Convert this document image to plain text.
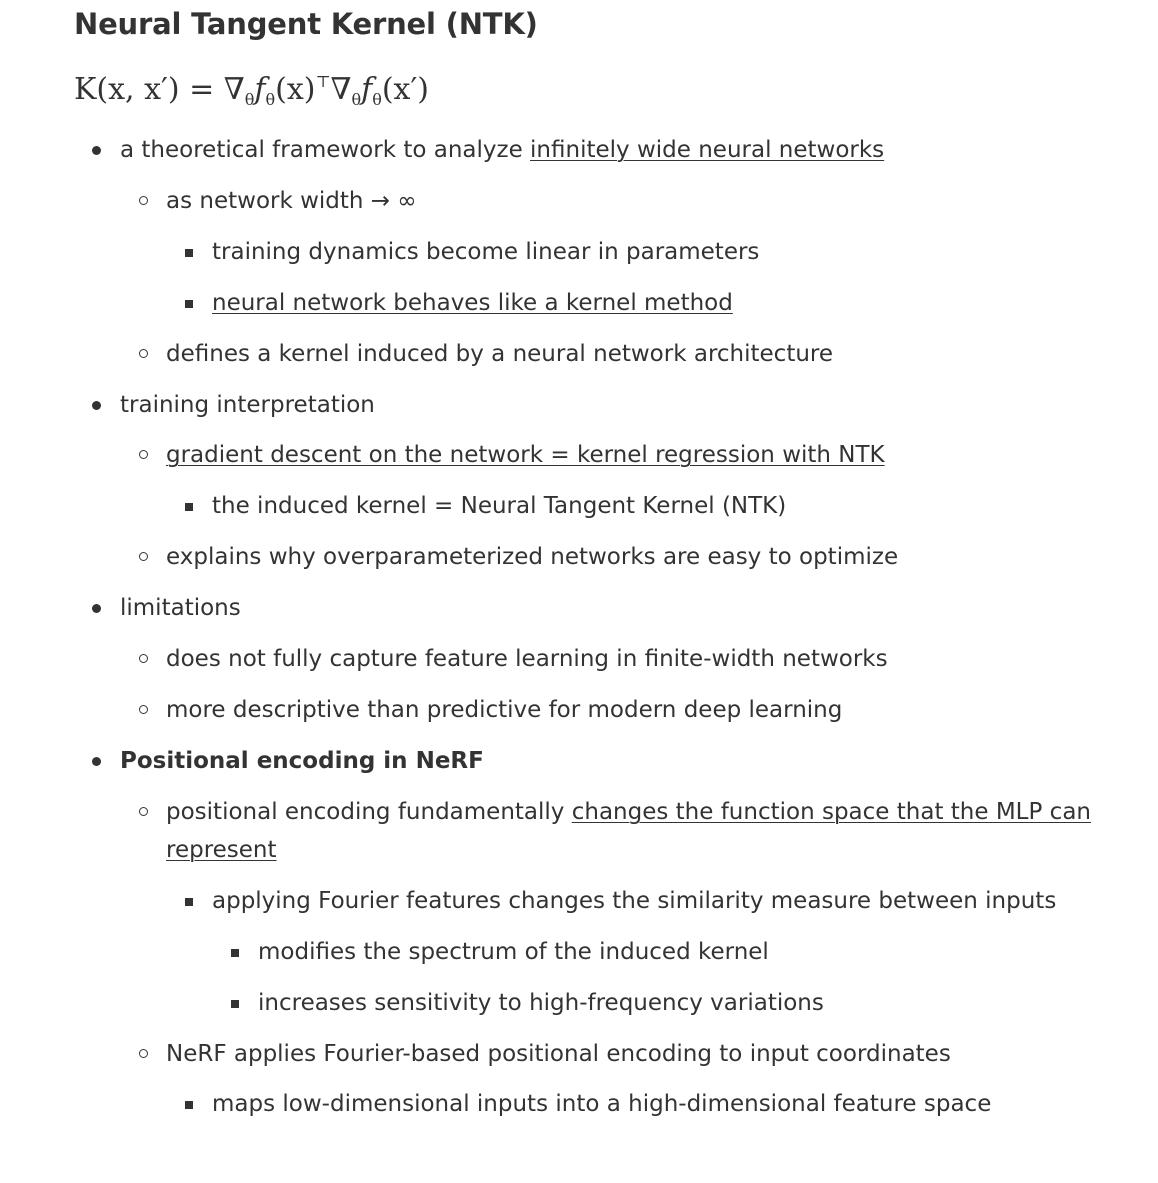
Neural Tangent Kernel (NTK)
K(x, $x') = \nabla_\theta f_\theta(x)^⊤\nabla_\theta f_\theta(x')$
a theoretical framework to analyze infinitely wide neural networks
as network width → ∞
training dynamics become linear in parameters
neural network behaves like a kernel method
defines a kernel induced by a neural network architecture
training interpretation
gradient descent on the network = kernel regression with NTK
the induced kernel = Neural Tangent Kernel (NTK)
explains why overparameterized networks are easy to optimize
limitations
does not fully capture feature learning in finite-width networks
more descriptive than predictive for modern deep learning
Positional encoding in NeRF
positional encoding fundamentally changes the function space that the MLP can represent
applying Fourier features changes the similarity measure between inputs
modifies the spectrum of the induced kernel
increases sensitivity to high-frequency variations
NeRF applies Fourier-based positional encoding to input coordinates
maps low-dimensional inputs into a high-dimensional feature space
